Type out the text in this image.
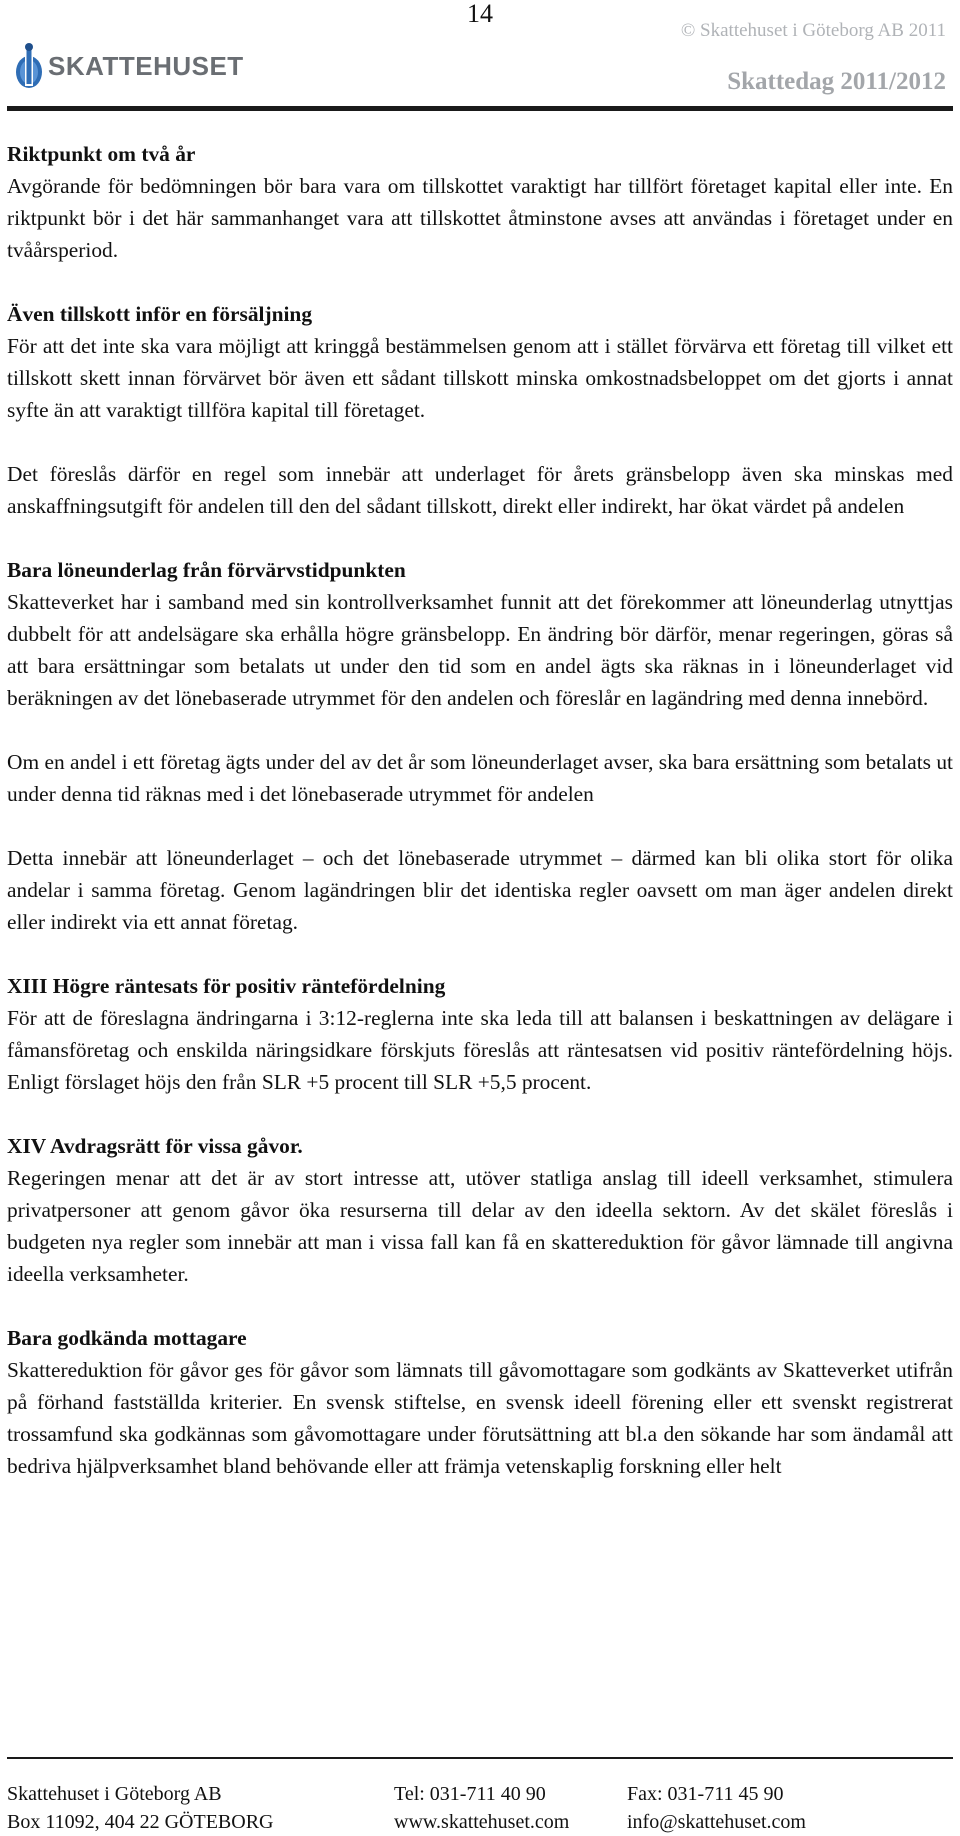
14
SKATTEHUSET
© Skattehuset i Göteborg AB 2011
Skattedag 2011/2012
Riktpunkt om två år

Avgörande för bedömningen bör bara vara om tillskottet varaktigt har tillfört företaget kapital eller inte. En riktpunkt bör i det här sammanhanget vara att tillskottet åtminstone avses att användas i företaget under en tvåårsperiod.

Även tillskott inför en försäljning

För att det inte ska vara möjligt att kringgå bestämmelsen genom att i stället förvärva ett företag till vilket ett tillskott skett innan förvärvet bör även ett sådant tillskott minska omkostnadsbeloppet om det gjorts i annat syfte än att varaktigt tillföra kapital till företaget.

Det föreslås därför en regel som innebär att underlaget för årets gränsbelopp även ska minskas med anskaffningsutgift för andelen till den del sådant tillskott, direkt eller indirekt, har ökat värdet på andelen

Bara löneunderlag från förvärvstidpunkten

Skatteverket har i samband med sin kontrollverksamhet funnit att det förekommer att löneunderlag utnyttjas dubbelt för att andelsägare ska erhålla högre gränsbelopp. En ändring bör därför, menar regeringen, göras så att bara ersättningar som betalats ut under den tid som en andel ägts ska räknas in i löneunderlaget vid beräkningen av det lönebaserade utrymmet för den andelen och föreslår en lagändring med denna innebörd.

Om en andel i ett företag ägts under del av det år som löneunderlaget avser, ska bara ersättning som betalats ut under denna tid räknas med i det lönebaserade utrymmet för andelen

Detta innebär att löneunderlaget – och det lönebaserade utrymmet – därmed kan bli olika stort för olika andelar i samma företag. Genom lagändringen blir det identiska regler oavsett om man äger andelen direkt eller indirekt via ett annat företag.

XIII Högre räntesats för positiv räntefördelning

För att de föreslagna ändringarna i 3:12-reglerna inte ska leda till att balansen i beskattningen av delägare i fåmansföretag och enskilda näringsidkare förskjuts föreslås att räntesatsen vid positiv räntefördelning höjs. Enligt förslaget höjs den från SLR +5 procent till SLR +5,5 procent.

XIV Avdragsrätt för vissa gåvor.

Regeringen menar att det är av stort intresse att, utöver statliga anslag till ideell verksamhet, stimulera privatpersoner att genom gåvor öka resurserna till delar av den ideella sektorn. Av det skälet föreslås i budgeten nya regler som innebär att man i vissa fall kan få en skattereduktion för gåvor lämnade till angivna ideella verksamheter.

Bara godkända mottagare

Skattereduktion för gåvor ges för gåvor som lämnats till gåvomottagare som godkänts av Skatteverket utifrån på förhand fastställda kriterier. En svensk stiftelse, en svensk ideell förening eller ett svenskt registrerat trossamfund ska godkännas som gåvomottagare under förutsättning att bl.a den sökande har som ändamål att bedriva hjälpverksamhet bland behövande eller att främja vetenskaplig forskning eller helt

Skattehuset i Göteborg AB
Box 11092, 404 22 GÖTEBORG
Tel: 031-711 40 90
www.skattehuset.com
Fax: 031-711 45 90
info@skattehuset.com
